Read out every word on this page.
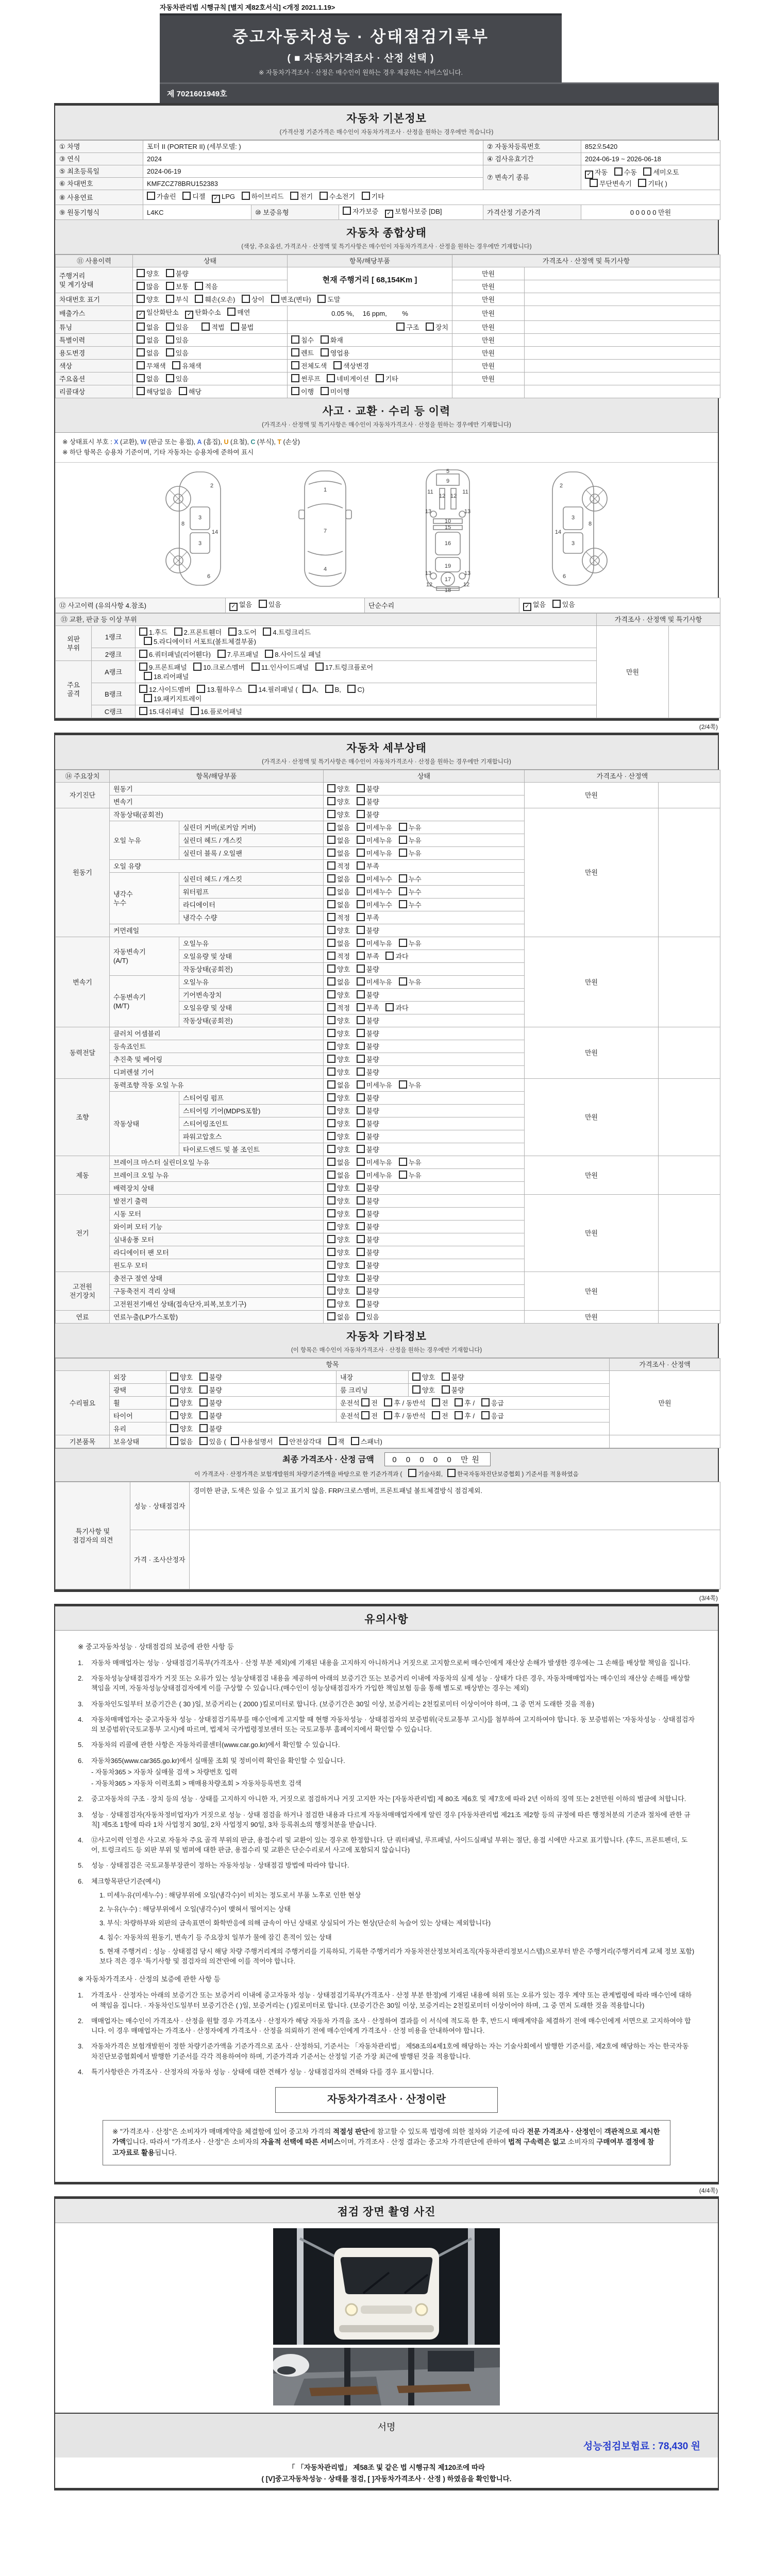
자동차관리법 시행규칙 [별지 제82호서식] <개정 2021.1.19>
중고자동차성능 · 상태점검기록부
( ■ 자동차가격조사 · 산정 선택 )
※ 자동차가격조사 · 산정은 매수인이 원하는 경우 제공하는 서비스입니다.
제 7021601949호
자동차 기본정보
(가격산정 기준가격은 매수인이 자동차가격조사 · 산정을 원하는 경우에만 적습니다)
① 차명	포터 II (PORTER II) (세부모델: )			② 자동차등록번호	852오5420
③ 연식	2024			④ 검사유효기간	2024-06-19 ~ 2026-06-18
⑤ 최초등록일	2024-06-19			⑦ 변속기 종류	✓ 자동 수동 세미오토
무단변속기 기타( )
⑥ 차대번호	KMFZCZ78BRU152383				
⑧ 사용연료	가솔린 디젤 ✓ LPG 하이브리드 전기 수소전기 기타				
⑨ 원동기형식	L4KC	⑩ 보증유형	자가보증 ✓ 보험사보증 [DB]	가격산정 기준가격	0 0 0 0 0 만원
자동차 종합상태
(색상, 주요옵션, 가격조사 · 산정액 및 특기사항은 매수인이 자동차가격조사 · 산정을 원하는 경우에만 기재합니다)
⑪ 사용이력	상태	항목/해당부품	가격조사 · 산정액 및 특기사항	
주행거리
및 계기상태	양호 불량	현재 주행거리 [ 68,154Km ]	만원	
	많음 보통 적음		만원	
차대번호 표기	양호 부식 훼손(오손) 상이 변조(변타) 도말		만원	
배출가스	✓ 일산화탄소 ✓ 탄화수소 매연	0.05 %,　 16 ppm,　　 %	만원	
튜닝	없음 있음　 적법 불법	구조 장치	만원	
특별이력	없음 있음	침수 화재	만원	
용도변경	없음 있음	렌트 영업용	만원	
색상	무채색 유채색	전체도색 색상변경	만원	
주요옵션	없음 있음	썬루프 네비게이션 기타	만원	
리콜대상	해당없음 해당	이행 미이행		
사고 · 교환 · 수리 등 이력
(가격조사 · 산정액 및 특기사항은 매수인이 자동차가격조사 · 산정을 원하는 경우에만 기재합니다)
※ 상태표시 부호 : X (교환), W (판금 또는 용접), A (흠집), U (요철), C (부식), T (손상)
※ 하단 항목은 승용차 기준이며, 기타 자동차는 승용차에 준하여 표시
2
8
3
14
3
6
1
7
4
5
9
11	11
12 12
13	13
10
15
16
19
13	13
17
12	12
18
2
8
3
14
3
6
⑫ 사고이력 (유의사항 4.참조)	✓ 없음 있음	단순수리	✓ 없음 있음
⑬ 교환, 판금 등 이상 부위			가격조사 · 산정액 및 특기사항	
외판
부위	1랭크	1.후드 2.프론트휀더 3.도어 4.트렁크리드
5.라디에이터 서포트(볼트체결부품)	만원	
	2랭크	6.쿼터패널(리어휀다) 7.루프패널 8.사이드실 패널		
주요
골격	A랭크	9.프론트패널 10.크로스멤버 11.인사이드패널 17.트렁크플로어
18.리어패널		
	B랭크	12.사이드멤버 13.휠하우스 14.필러패널 ( A, B, C)
19.패키지트레이		
	C랭크	15.대쉬패널 16.플로어패널		
(2/4쪽)
자동차 세부상태
(가격조사 · 산정액 및 특기사항은 매수인이 자동차가격조사 · 산정을 원하는 경우에만 기재합니다)
⑭ 주요장치	항목/해당부품		상태	가격조사 · 산정액	
자기진단	원동기		양호 불량	만원	
	변속기		양호 불량		
원동기	작동상태(공회전)		양호 불량	만원	
	오일 누유	실린더 커버(로커암 커버)	없음 미세누유 누유		
		실린더 헤드 / 개스킷	없음 미세누유 누유		
		실린더 블록 / 오일팬	없음 미세누유 누유		
	오일 유량		적정 부족		
	냉각수
누수	실린더 헤드 / 개스킷	없음 미세누수 누수		
		워터펌프	없음 미세누수 누수		
		라디에이터	없음 미세누수 누수		
		냉각수 수량	적정 부족		
	커먼레일		양호 불량		
변속기	자동변속기
(A/T)	오일누유	없음 미세누유 누유	만원	
		오일유량 및 상태	적정 부족 과다		
		작동상태(공회전)	양호 불량		
	수동변속기
(M/T)	오일누유	없음 미세누유 누유		
		기어변속장치	양호 불량		
		오일유량 및 상태	적정 부족 과다		
		작동상태(공회전)	양호 불량		
동력전달	클러치 어셈블리		양호 불량	만원	
	등속죠인트		양호 불량		
	추진축 및 베어링		양호 불량		
	디퍼렌셜 기어		양호 불량		
조향	동력조향 작동 오일 누유		없음 미세누유 누유	만원	
	작동상태	스티어링 펌프	양호 불량		
		스티어링 기어(MDPS포함)	양호 불량		
		스티어링조인트	양호 불량		
		파워고압호스	양호 불량		
		타이로드엔드 및 볼 조인트	양호 불량		
제동	브레이크 마스터 실린더오일 누유		없음 미세누유 누유	만원	
	브레이크 오일 누유		없음 미세누유 누유		
	배력장치 상태		양호 불량		
전기	발전기 출력		양호 불량	만원	
	시동 모터		양호 불량		
	와이퍼 모터 기능		양호 불량		
	실내송풍 모터		양호 불량		
	라디에이터 팬 모터		양호 불량		
	윈도우 모터		양호 불량		
고전원
전기장치	충전구 절연 상태		양호 불량	만원	
	구동축전지 격리 상태		양호 불량		
	고전원전기배선 상태(접속단자,피복,보호기구)		양호 불량		
연료	연료누출(LP가스포함)		없음 있음	만원	
자동차 기타정보
(이 항목은 매수인이 자동차가격조사 · 산정을 원하는 경우에만 기재합니다)
항목					가격조사 · 산정액
수리필요	외장	양호 불량	내장	양호 불량	만원
	광택	양호 불량	룸 크리닝	양호 불량	
	휠	양호 불량	운전석 전 후 / 동반석 전 후 / 응급		
	타이어	양호 불량	운전석 전 후 / 동반석 전 후 / 응급		
	유리	양호 불량			
기본품목	보유상태	없음 있음 ( 사용설명서 안전삼각대 잭 스패너)			
최종 가격조사 · 산정 금액 0 0 0 0 0 만원
이 가격조사 · 산정가격은 보험개발원의 차량기준가액을 바탕으로 한 기준가격과 ( 기술사회, 한국자동차진단보증협회 ) 기준서를 적용하였음
특기사항 및
점검자의 의견	성능 · 상태점검자	경미한 판금, 도색은 있을 수 있고 표기치 않음. FRP/크로스멤버, 프론트패널 볼트체결방식 점검제외.
	가격 · 조사산정자	
(3/4쪽)
유의사항
※ 중고자동차성능 · 상태점검의 보증에 관한 사항 등
1.	자동차 매매업자는 성능 · 상태점검기록부(가격조사 · 산정 부분 제외)에 기재된 내용을 고지하지 아니하거나 거짓으로 고지함으로써 매수인에게 재산상 손해가 발생한 경우에는 그 손해를 배상할 책임을 집니다.
2.	자동차성능상태점검자가 거짓 또는 오류가 있는 성능상태점검 내용을 제공하여 아래의 보증기간 또는 보증거리 이내에 자동차의 실제 성능 · 상태가 다른 경우, 자동차매매업자는 매수인의 재산상 손해를 배상할 책임을 지며, 자동차성능상태점검자에게 이를 구상할 수 있습니다.(매수인이 성능상태점검자가 가입한 책임보험 등을 통해 별도로 배상받는 경우는 제외)
3.	자동차인도일부터 보증기간은 ( 30 )일, 보증거리는 ( 2000 )킬로미터로 합니다. (보증기간은 30일 이상, 보증거리는 2천킬로미터 이상이어야 하며, 그 중 먼저 도래한 것을 적용)
4.	자동차매매업자는 중고자동차 성능 · 상태점검기록부를 매수인에게 고지할 때 현행 자동차성능 · 상태점검자의 보증범위(국토교통부 고시)를 첨부하여 고지하여야 합니다. 동 보증범위는 '자동차성능 · 상태점검자의 보증범위'(국토교통부 고시)에 따르며, 법제처 국가법령정보센터 또는 국토교통부 홈페이지에서 확인할 수 있습니다.
5.	자동차의 리콜에 관한 사항은 자동차리콜센터(www.car.go.kr)에서 확인할 수 있습니다.
6.	자동차365(www.car365.go.kr)에서 실매물 조회 및 정비이력 확인을 확인할 수 있습니다.
- 자동차365 > 자동차 실매물 검색 > 차량번호 입력
- 자동차365 > 자동차 이력조회 > 매매용차량조회 > 자동차등록번호 검색
2.	중고자동차의 구조 · 장치 등의 성능 · 상태를 고지하지 아니한 자, 거짓으로 점검하거나 거짓 고지한 자는 [자동차관리법] 제 80조 제6호 및 제7호에 따라 2년 이하의 징역 또는 2천만원 이하의 벌금에 처합니다.
3.	성능 · 상태점검자(자동차정비업자)가 거짓으로 성능 · 상태 점검을 하거나 점검한 내용과 다르게 자동차매매업자에게 알린 경우 [자동차관리법 제21조 제2항 등의 규정에 따른 행정처분의 기준과 절차에 관한 규칙] 제5조 1항에 따라 1차 사업정지 30일, 2차 사업정지 90일, 3차 등록취소의 행정처분을 받습니다.
4.	⑫사고이력 인정은 사고로 자동차 주요 골격 부위의 판금, 용접수리 및 교환이 있는 경우로 한정합니다. 단 쿼터패널, 루프패널, 사이드실패널 부위는 절단, 용접 시에만 사고로 표기합니다. (후드, 프론트펜더, 도어, 트렁크리드 등 외판 부위 및 범퍼에 대한 판금, 용접수리 및 교환은 단순수리로서 사고에 포함되지 않습니다)
5.	성능 · 상태점검은 국토교통부장관이 정하는 자동차성능 · 상태점검 방법에 따라야 합니다.
6.	체크항목판단기준(예시)
1. 미세누유(미세누수) : 해당부위에 오일(냉각수)이 비치는 정도로서 부품 노후로 인한 현상
2. 누유(누수) : 해당부위에서 오일(냉각수)이 맺혀서 떨어지는 상태
3. 부식: 차량하부와 외판의 금속표면이 화학반응에 의해 금속이 아닌 상태로 상실되어 가는 현상(단순히 녹슬어 있는 상태는 제외합니다)
4. 침수: 자동차의 원동기, 변속기 등 주요장치 일부가 물에 잠긴 흔적이 있는 상태
5. 현재 주행거리 : 성능 · 상태점검 당시 해당 차량 주행거리계의 주행거리를 기록하되, 기록한 주행거리가 자동차전산정보처리조직(자동차관리정보시스템)으로부터 받은 주행거리(주행거리계 교체 정보 포함)보다 적은 경우 '특기사항 및 점검자의 의견'란에 이를 적어야 합니다.
※ 자동차가격조사 · 산정의 보증에 관한 사항 등
1.	가격조사 · 산정자는 아래의 보증기간 또는 보증거리 이내에 중고자동차 성능 · 상태점검기록부(가격조사 · 산정 부분 한정)에 기재된 내용에 허위 또는 오류가 있는 경우 계약 또는 관계법령에 따라 매수인에 대하여 책임을 집니다. · 자동차인도일부터 보증기간은 ( )일, 보증거리는 ( )킬로미터로 합니다. (보증기간은 30일 이상, 보증거리는 2천킬로미터 이상이어야 하며, 그 중 먼저 도래한 것을 적용합니다)
2.	매매업자는 매수인이 가격조사 · 산정을 원할 경우 가격조사 · 산정자가 해당 자동차 가격을 조사 · 산정하여 결과를 이 서식에 적도록 한 후, 반드시 매매계약을 체결하기 전에 매수인에게 서면으로 고지하여야 합니다. 이 경우 매매업자는 가격조사 · 산정자에게 가격조사 · 산정을 의뢰하기 전에 매수인에게 가격조사 · 산정 비용을 안내하여야 합니다.
3.	자동차가격은 보험개발원이 정한 차량기준가액을 기준가격으로 조사 · 산정하되, 기준서는 「자동차관리법」 제58조의4제1호에 해당하는 자는 기술사회에서 발행한 기준서를, 제2호에 해당하는 자는 한국자동차진단보증협회에서 발행한 기준서를 각각 적용하여야 하며, 기준가격과 기준서는 산정일 기준 가장 최근에 발행된 것을 적용합니다.
4.	특기사항란은 가격조사 · 산정자의 자동차 성능 · 상태에 대한 견해가 성능 · 상태점검자의 견해와 다를 경우 표시합니다.
자동차가격조사 · 산정이란
※ "가격조사 · 산정"은 소비자가 매매계약을 체결함에 있어 중고차 가격의 적절성 판단에 참고할 수 있도록 법령에 의한 절차와 기준에 따라 전문 가격조사 · 산정인이 객관적으로 제시한 가액입니다. 따라서 "가격조사 · 산정"은 소비자의 자율적 선택에 따른 서비스이며, 가격조사 · 산정 결과는 중고차 가격판단에 관하여 법적 구속력은 없고 소비자의 구매여부 결정에 참고자료로 활용됩니다.
(4/4쪽)
점검 장면 촬영 사진
서명
성능점검보험료 : 78,430 원
「 「자동차관리법」 제58조 및 같은 법 시행규칙 제120조에 따라
( [V]중고자동차성능 · 상태를 점검, [ ]자동차가격조사 · 산정 ) 하였음을 확인합니다.
